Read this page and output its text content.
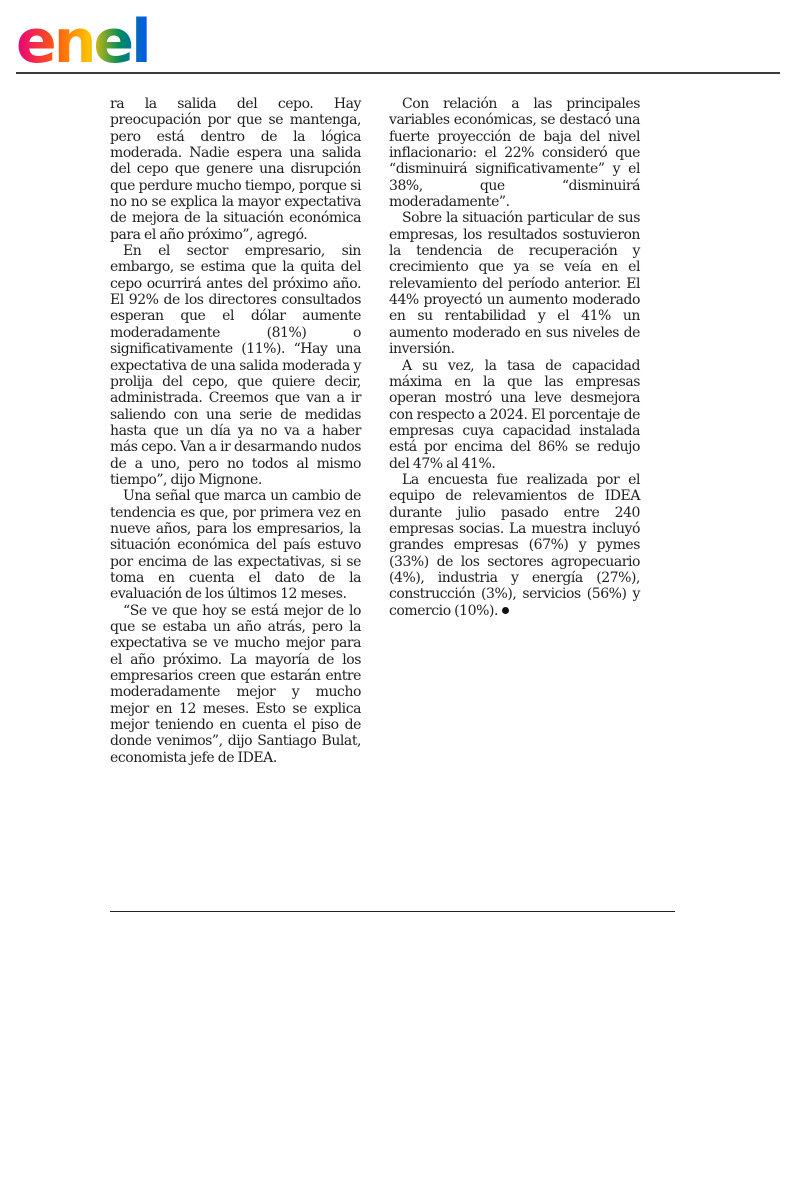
enel

ra la salida del cepo. Hay preocupación por que se mantenga, pero está dentro de la lógica moderada. Nadie espera una salida del cepo que genere una disrupción que perdure mucho tiempo, porque si no no se explica la mayor expectativa de mejora de la situación económica para el año próximo”, agregó.

En el sector empresario, sin embargo, se estima que la quita del cepo ocurrirá antes del próximo año. El 92% de los directores consultados esperan que el dólar aumente moderadamente (81%) o significativamente (11%). “Hay una expectativa de una salida moderada y prolija del cepo, que quiere decir, administrada. Creemos que van a ir saliendo con una serie de medidas hasta que un día ya no va a haber más cepo. Van a ir desarmando nudos de a uno, pero no todos al mismo tiempo”, dijo Mignone.

Una señal que marca un cambio de tendencia es que, por primera vez en nueve años, para los empresarios, la situación económica del país estuvo por encima de las expectativas, si se toma en cuenta el dato de la evaluación de los últimos 12 meses.

“Se ve que hoy se está mejor de lo que se estaba un año atrás, pero la expectativa se ve mucho mejor para el año próximo. La mayoría de los empresarios creen que estarán entre moderadamente mejor y mucho mejor en 12 meses. Esto se explica mejor teniendo en cuenta el piso de donde venimos”, dijo Santiago Bulat, economista jefe de IDEA.

Con relación a las principales variables económicas, se destacó una fuerte proyección de baja del nivel inflacionario: el 22% consideró que “disminuirá significativamente” y el 38%, que “disminuirá moderadamente”.

Sobre la situación particular de sus empresas, los resultados sostuvieron la tendencia de recuperación y crecimiento que ya se veía en el relevamiento del período anterior. El 44% proyectó un aumento moderado en su rentabilidad y el 41% un aumento moderado en sus niveles de inversión.

A su vez, la tasa de capacidad máxima en la que las empresas operan mostró una leve desmejora con respecto a 2024. El porcentaje de empresas cuya capacidad instalada está por encima del 86% se redujo del 47% al 41%.

La encuesta fue realizada por el equipo de relevamientos de IDEA durante julio pasado entre 240 empresas socias. La muestra incluyó grandes empresas (67%) y pymes (33%) de los sectores agropecuario (4%), industria y energía (27%), construcción (3%), servicios (56%) y comercio (10%).
